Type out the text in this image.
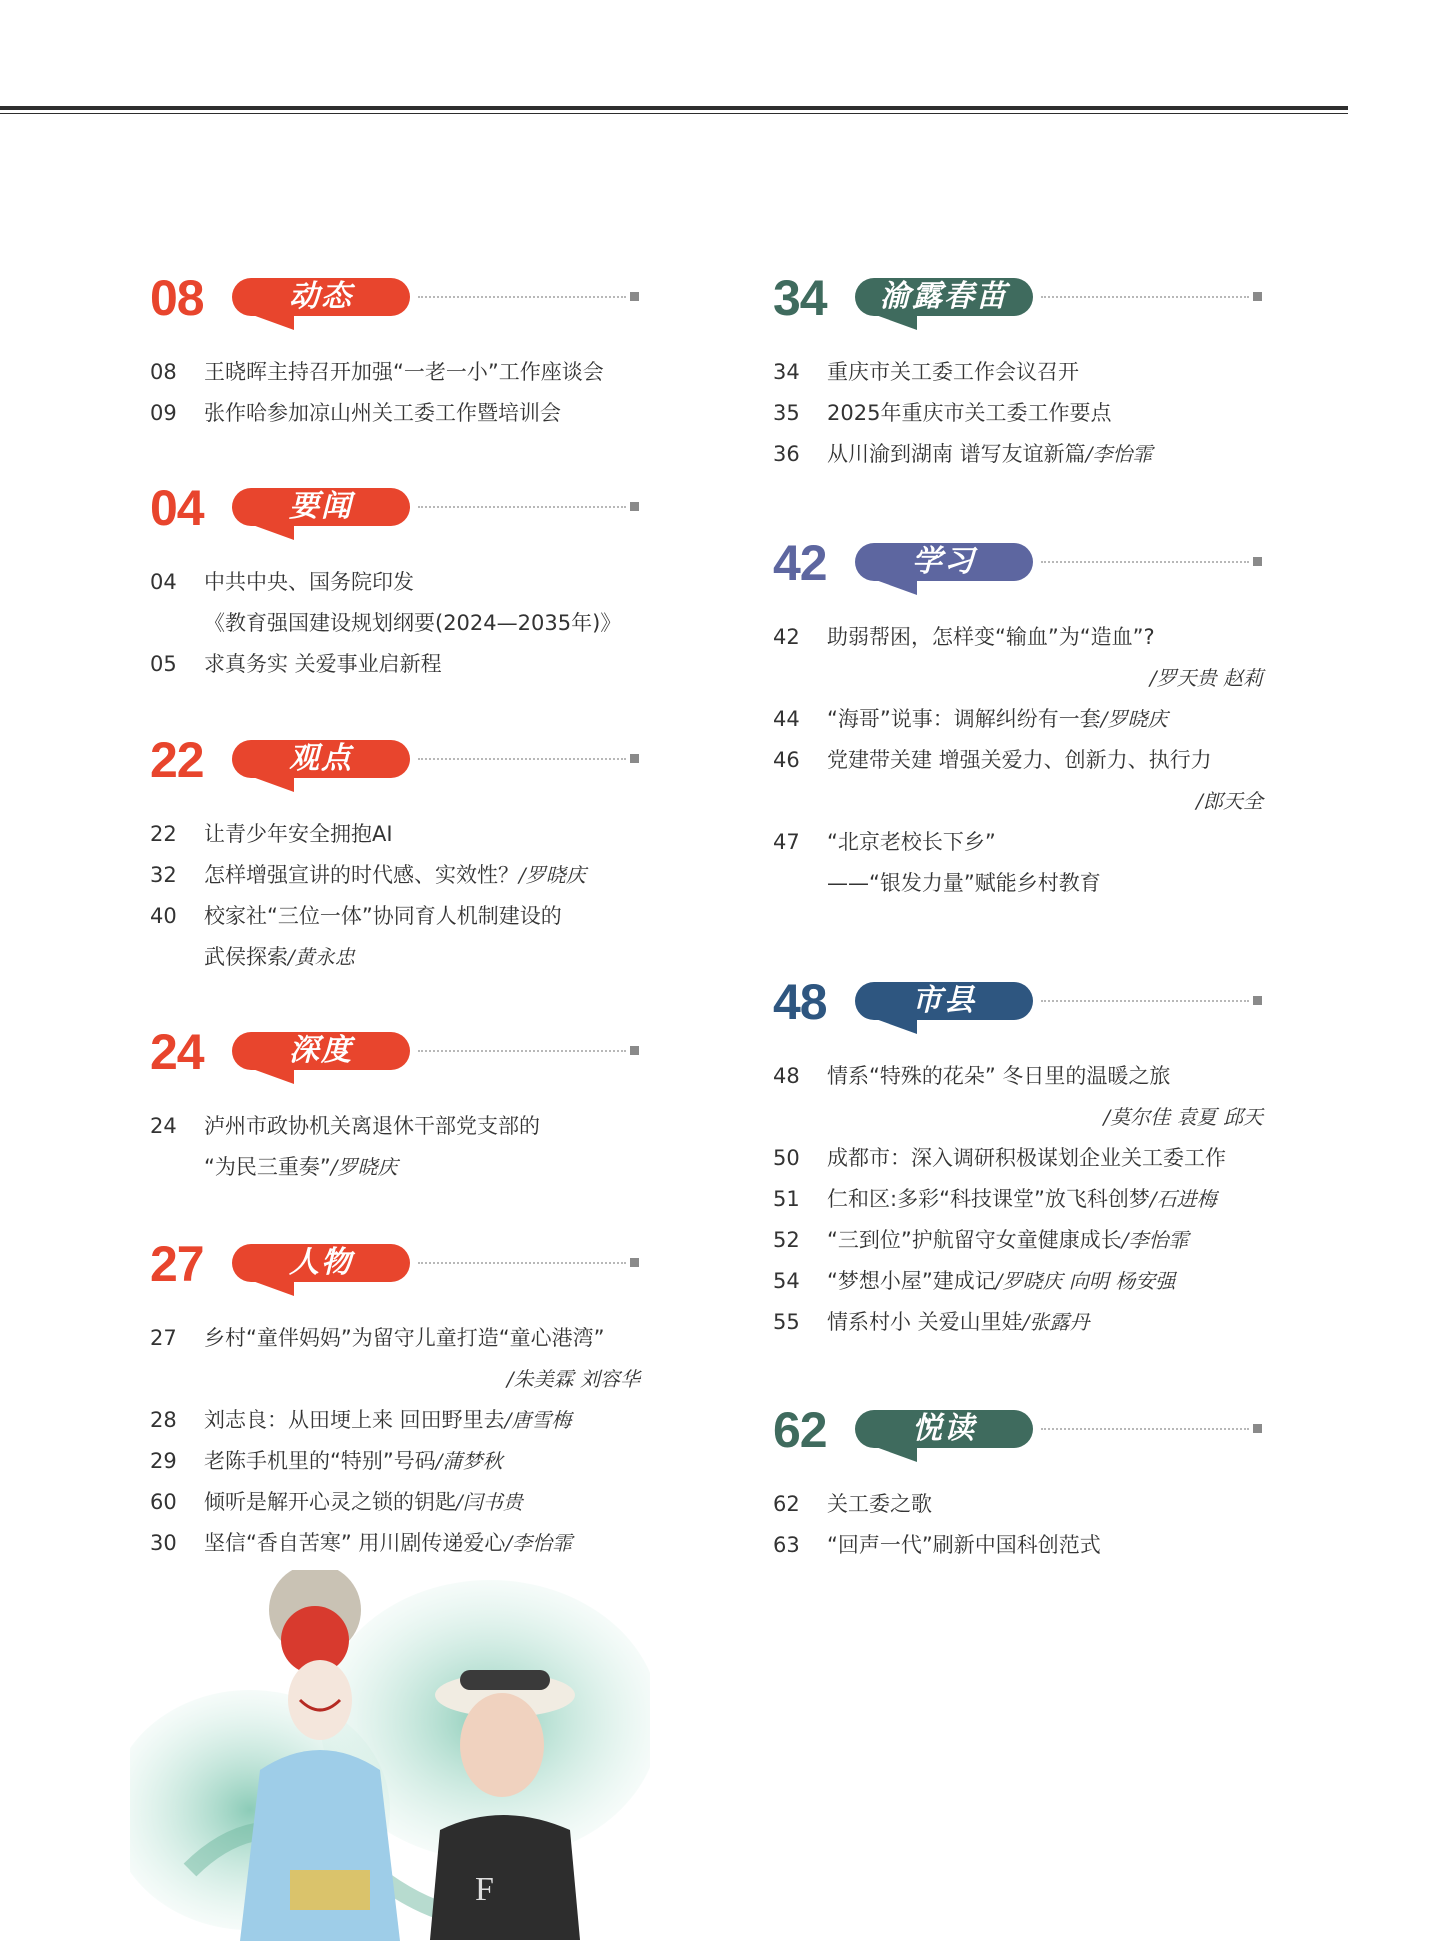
动态
08
08	王晓晖主持召开加强“一老一小”工作座谈会
09	张作哈参加凉山州关工委工作暨培训会
要闻
04
04	中共中央、国务院印发
《教育强国建设规划纲要(2024—2035年)》
05	求真务实 关爱事业启新程
观点
22
22	让青少年安全拥抱AI
32	怎样增强宣讲的时代感、实效性？/罗晓庆
40	校家社“三位一体”协同育人机制建设的
武侯探索/黄永忠
深度
24
24	泸州市政协机关离退休干部党支部的
“为民三重奏”/罗晓庆
人物
27
27	乡村“童伴妈妈”为留守儿童打造“童心港湾”
/朱美霖 刘容华
28	刘志良：从田埂上来 回田野里去/唐雪梅
29	老陈手机里的“特别”号码/蒲梦秋
60	倾听是解开心灵之锁的钥匙/闫书贵
30	坚信“香自苦寒” 用川剧传递爱心/李怡霏
渝露春苗
34
34	重庆市关工委工作会议召开
35	2025年重庆市关工委工作要点
36	从川渝到湖南 谱写友谊新篇/李怡霏
学习
42
42	助弱帮困，怎样变“输血”为“造血”?
/罗天贵 赵莉
44	“海哥”说事：调解纠纷有一套/罗晓庆
46	党建带关建 增强关爱力、创新力、执行力
/郎天全
47	“北京老校长下乡”
——“银发力量”赋能乡村教育
市县
48
48	情系“特殊的花朵” 冬日里的温暖之旅
/莫尔佳 袁夏 邱天
50	成都市：深入调研积极谋划企业关工委工作
51	仁和区:多彩“科技课堂”放飞科创梦/石进梅
52	“三到位”护航留守女童健康成长/李怡霏
54	“梦想小屋”建成记/罗晓庆 向明 杨安强
55	情系村小 关爱山里娃/张露丹
悦读
62
62	关工委之歌
63	“回声一代”刷新中国科创范式
F
